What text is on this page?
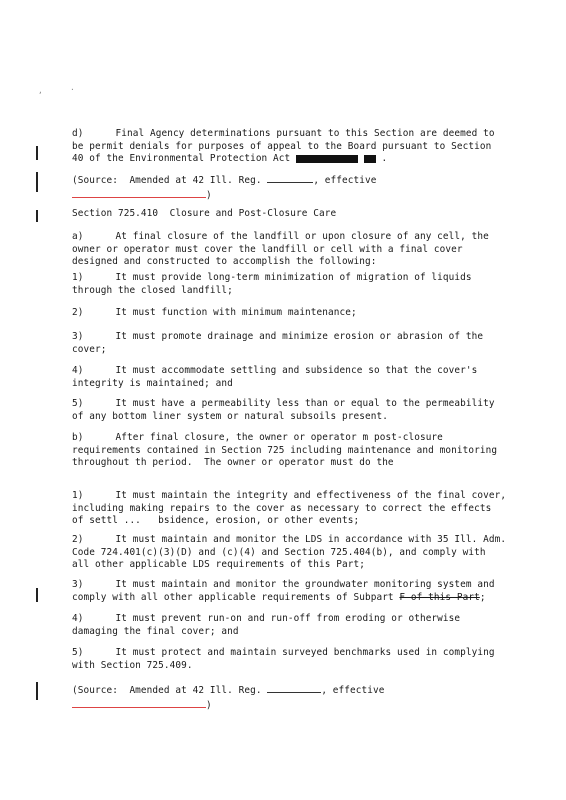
,	.
d)	Final Agency determinations pursuant to this Section are deemed to be permit denials for purposes of appeal to the Board pursuant to Section 40 of the Environmental Protection Act	.
(Source:  Amended at 42 Ill. Reg.	, effective
)
Section 725.410  Closure and Post-Closure Care
a)	At final closure of the landfill or upon closure of any cell, the owner or operator must cover the landfill or cell with a final cover designed and constructed to accomplish the following:
1)	It must provide long-term minimization of migration of liquids through the closed landfill;
2)	It must function with minimum maintenance;
3)	It must promote drainage and minimize erosion or abrasion of the cover;
4)	It must accommodate settling and subsidence so that the cover's integrity is maintained; and
5)	It must have a permeability less than or equal to the permeability of any bottom liner system or natural subsoils present.
b)	After final closure, the owner or operator m post-closure requirements contained in Section 725 including maintenance and monitoring throughout th period.  The owner or operator must do the
1)	It must maintain the integrity and effectiveness of the final cover, including making repairs to the cover as necessary to correct the effects of settl ...   bsidence, erosion, or other events;
2)	It must maintain and monitor the LDS in accordance with 35 Ill. Adm. Code 724.401(c)(3)(D) and (c)(4) and Section 725.404(b), and comply with all other applicable LDS requirements of this Part;
3)	It must maintain and monitor the groundwater monitoring system and comply with all other applicable requirements of Subpart F of this Part;
4)	It must prevent run-on and run-off from eroding or otherwise damaging the final cover; and
5)	It must protect and maintain surveyed benchmarks used in complying with Section 725.409.
(Source:  Amended at 42 Ill. Reg.	, effective
)
